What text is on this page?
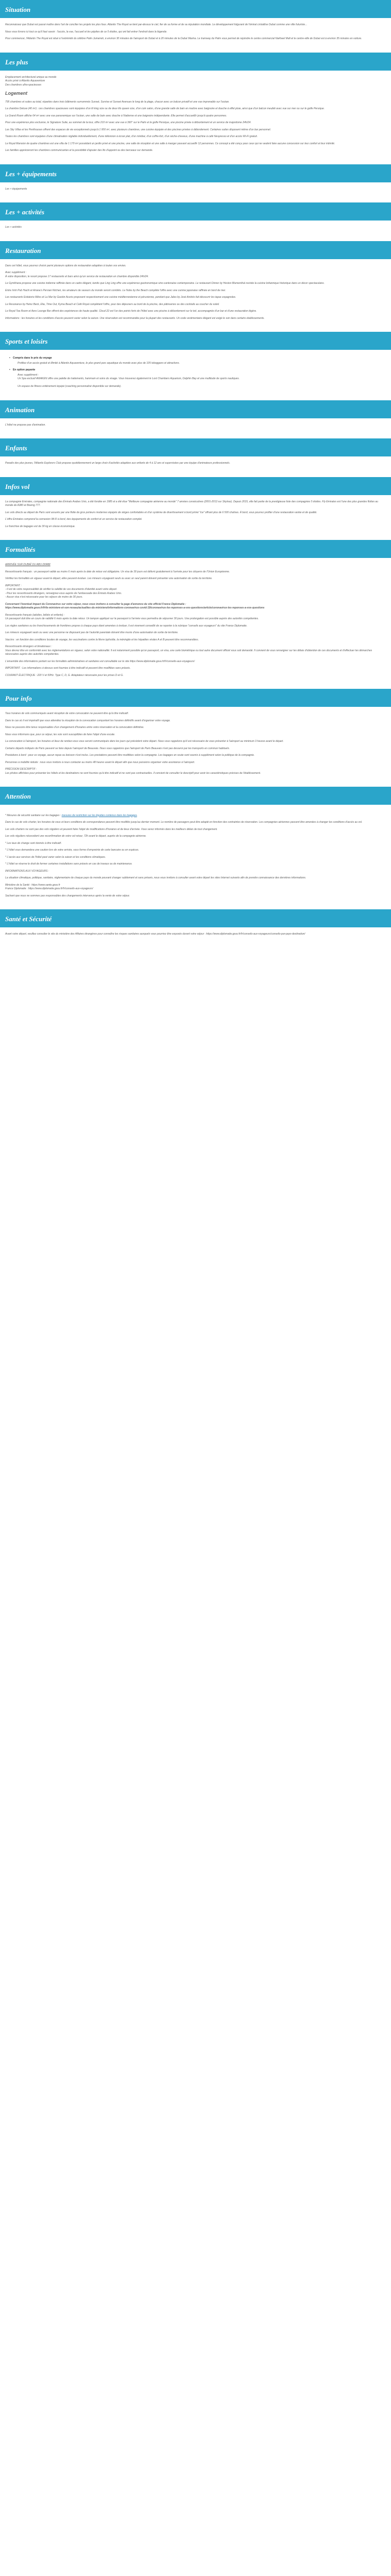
Situation

Reconnaissez que Dubaï est passé maître dans l'art de concilier les projets les plus fous. Atlantis The Royal se tient par-dessus le ciel, fier de sa forme et de sa réputation mondiale. Le développement fulgurant de l'émirat cristallise Dubaï comme une ville futuriste...

Nous vous livrons ici tout ce qu'il faut savoir : l'accès, la vue, l'accueil et les pépites de ce 5 étoiles, qui ont fait entrer l'endroit dans la légende.

Pour commencer, l'Atlantis The Royal est situé à l'extrémité du célèbre Palm Jumeirah, à environ 30 minutes de l'aéroport de Dubaï et à 20 minutes de la Dubaï Marina. Le tramway du Palm vous permet de rejoindre le centre commercial Nakheel Mall et le centre-ville de Dubaï est à environ 35 minutes en voiture.

Les plus

Emplacement architectural unique au monde
Accès privé à Atlantis Aquaventure
Des chambres ultra-spacieuses

Logement

795 chambres et suites au total, réparties dans trois bâtiments surnommés Sunset, Sunrise et Sunset Avenues le long de la plage, chacun avec un balcon privatif et une vue imprenable sur l'océan.

La chambre Deluxe (40 m²) : ces chambres spacieuses sont équipées d'un lit king size ou de deux lits queen size, d'un coin salon, d'une grande salle de bain en marbre avec baignoire et douche à effet pluie, ainsi que d'un balcon meublé avec vue sur mer ou sur le golfe Persique.

La Grand Room affiche 64 m² avec une vue panoramique sur l'océan, une salle de bain avec douche à l'italienne et une baignoire indépendante. Elle permet d'accueillir jusqu'à quatre personnes.

Pour une expérience plus exclusive, le Signature Suite, au sommet de la tour, offre 210 m² avec une vue à 360° sur le Palm et le golfe Persique, une piscine privée à débordement et un service de majordome 24h/24.

Les Sky Villas et les Penthouses offrent des espaces de vie exceptionnels jusqu'à 1 000 m², avec plusieurs chambres, une cuisine équipée et des piscines privées à débordement. Certaines suites disposent même d'un bar personnel.

Toutes les chambres sont équipées d'une climatisation réglable individuellement, d'une télévision à écran plat, d'un minibar, d'un coffre-fort, d'un sèche-cheveux, d'une machine à café Nespresso et d'un accès Wi-Fi gratuit.

Le Royal Mansion de quatre chambres est une villa de 1 170 m² possédant un jardin privé et une piscine, une salle de réception et une salle à manger pouvant accueillir 12 personnes. Ce concept a été conçu pour ceux qui ne veulent faire aucune concession sur leur confort et leur intimité.

Les familles apprécieront les chambres communicantes et la possibilité d'ajouter des lits d'appoint ou des berceaux sur demande.

Les + équipements

Les + équipements

Les + activités

Les + activités

Restauration

Dans cet hôtel, vous pourrez choisir parmi plusieurs options de restauration adaptées à toutes vos envies.

Avec supplément :
À votre disposition, le resort propose 17 restaurants et bars ainsi qu'un service de restauration en chambre disponible 24h/24.

Le Gymkhana propose une cuisine indienne raffinée dans un cadre élégant, tandis que Ling Ling offre une expérience gastronomique sino-cantonaise contemporaine. Le restaurant Dinner by Heston Blumenthal revisite la cuisine britannique historique dans un décor spectaculaire.

Entre Irish Pub Hachi et Ariana's Persian Kitchen, les amateurs de saveurs du monde seront comblés. Le Nobu by the Beach complète l'offre avec une cuisine japonaise raffinée en bord de mer.

Les restaurants Estiatorio Milos et La Mar by Gastón Acurio proposent respectivement une cuisine méditerranéenne et péruvienne, pendant que Jaleo by José Andrés fait découvrir les tapas espagnoles.

Le Resonance by Heinz Beck, Elia, Time Out, Kyma Beach et Café Royal complètent l'offre, pour des déjeuners au bord de la piscine, des pâtisseries ou des cocktails au coucher du soleil.

Le Royal Tea Room et Aero Lounge Bar offrent des expériences de haute qualité. Cloud 22 est l'un des points forts de l'hôtel avec une piscine à débordement sur le toit, accompagnée d'un bar et d'une restauration légère.

Informations : les horaires et les conditions d'accès peuvent varier selon la saison. Une réservation est recommandée pour la plupart des restaurants. Un code vestimentaire élégant est exigé le soir dans certains établissements.

Sports et loisirs
• Compris dans le prix du voyage

Profitez d'un accès gratuit et illimité à Atlantis Aquaventure, le plus grand parc aquatique du monde avec plus de 105 toboggans et attractions.

• En option payante

Avec supplément :
Un Spa exclusif AWAKEN offre une palette de traitements, hammam et soins du visage. Vous trouverez également le Lost Chambers Aquarium, Dolphin Bay et une multitude de sports nautiques.

Un espace de fitness entièrement équipé (coaching personnalisé disponible sur demande).

Animation

L'hôtel ne propose pas d'animation.

Enfants

Paradis des plus jeunes, l'Atlantis Explorers Club propose quotidiennement un large choix d'activités adaptées aux enfants de 4 à 12 ans et supervisées par une équipe d'animateurs professionnels.

Infos vol

La compagnie Emirates, compagnie nationale des Émirats Arabes Unis, a été fondée en 1985 et a été élue "Meilleure compagnie aérienne au monde" 7 années consécutives (2001-2013 sur Skytrax). Depuis 2015, elle fait partie de la prestigieuse liste des compagnies 5 étoiles. Fly Emirates est l'une des plus grandes flottes au monde de A380 et Boeing 777.

Les vols directs au départ de Paris sont assurés par une flotte de gros porteurs modernes équipés de sièges confortables et d'un système de divertissement à bord primé "ice" offrant plus de 6 500 chaînes. À bord, vous pourrez profiter d'une restauration variée et de qualité.

L'offre Emirates comprend la connexion Wi-Fi à bord, des équipements de confort et un service de restauration complet.

Le franchise de bagages est de 30 kg en classe économique.

Formalités

ARRIVÉE SUR DUBAÏ OU ABU DHABI

Ressortissants français : un passeport valide au moins 6 mois après la date de retour est obligatoire. Un visa de 30 jours est délivré gratuitement à l'arrivée pour les citoyens de l'Union Européenne.

Vérifiez les formalités en vigueur avant le départ, elles peuvent évoluer. Les mineurs voyageant seuls ou avec un seul parent doivent présenter une autorisation de sortie du territoire.

IMPORTANT :
- Il est de votre responsabilité de vérifier la validité de vos documents d'identité avant votre départ.
- Pour les ressortissants étrangers, renseignez-vous auprès de l'ambassade des Émirats Arabes Unis.
- Aucun visa n'est nécessaire pour les séjours de moins de 30 jours.

Concernant l'éventuel impact du Coronavirus sur votre séjour, nous vous invitons à consulter la page d'annonce du site officiel France Diplomatie :
https://www.diplomatie.gouv.fr/fr/le-ministere-et-son-reseau/actualites-du-ministere/informations-coronavirus-covid-19/coronavirus-les-reponses-a-vos-questions/article/coronavirus-les-reponses-a-vos-questions

Ressortissants français (adultes, bébés et enfants) :
Un passeport doit être en cours de validité 6 mois après la date retour. Un tampon appliqué sur le passeport à l'arrivée vous permettra de séjourner 30 jours. Une prolongation est possible auprès des autorités compétentes.

Les règles sanitaires ou les franchissements de frontières propres à chaque pays étant amenées à évoluer, il est vivement conseillé de se reporter à la rubrique "conseils aux voyageurs" du site France Diplomatie.

Les mineurs voyageant seuls ou avec une personne ne disposant pas de l'autorité parentale doivent être munis d'une autorisation de sortie de territoire.

Vaccins : en fonction des conditions locales de voyage, les vaccinations contre la fièvre typhoïde, la méningite et les hépatites virales A et B peuvent être recommandées.

Ressortissants étrangers et binationaux :
Vous devrez être en conformité avec les réglementations en vigueur, selon votre nationalité. Il est notamment possible qu'un passeport, un visa, une carte biométrique ou tout autre document officiel vous soit demandé. Il convient de vous renseigner sur les délais d'obtention de ces documents et d'effectuer les démarches nécessaires auprès des autorités compétentes.

L'ensemble des informations portant sur les formalités administratives et sanitaires est consultable sur le site https://www.diplomatie.gouv.fr/fr/conseils-aux-voyageurs/

IMPORTANT : Les informations ci-dessus sont fournies à titre indicatif et peuvent être modifiées sans préavis.

COURANT ÉLECTRIQUE : 220 V et 50Hz. Type C, D, G. Adaptateur nécessaire pour les prises D et G.

Pour info

Tous horaires de vols communiqués avant réception de votre convocation ne peuvent être qu'à titre indicatif.

Dans le cas où il est impératif que vous attendiez la réception de la convocation comportant les horaires définitifs avant d'organiser votre voyage.

Nous ne pouvons être tenus responsables d'un changement d'horaires entre votre réservation et la convocation définitive.

Nous vous informons que, pour ce séjour, les voix sont susceptibles de faire l'objet d'une escale.

La convocation à l'aéroport, les horaires et lieux de rendez-vous vous seront communiqués dans les jours qui précèdent votre départ. Nous vous rappelons qu'il est nécessaire de vous présenter à l'aéroport au minimum 3 heures avant le départ.

Certains départs indiqués de Paris peuvent se faire depuis l'aéroport de Beauvais. Nous vous rappelons que l'aéroport de Paris Beauvais n'est pas desservi par les transports en commun habituels.

Prestations à bord : pour ce voyage, aucun repas ou boisson n'est inclus. Les prestations peuvent être modifiées selon la compagnie. Les bagages en soute sont soumis à supplément selon la politique de la compagnie.

Personnes à mobilité réduite : nous vous invitons à nous contacter au moins 48 heures avant le départ afin que nous puissions organiser votre assistance à l'aéroport.

PRÉCISION DESCRIPTIF :
Les photos affichées pour présenter les hôtels et les destinations ne sont fournies qu'à titre indicatif et ne sont pas contractuelles. Il convient de consulter le descriptif pour avoir les caractéristiques précises de l'établissement.

Attention

* Mesures de sécurité sanitaire sur les bagages : mesures de restriction sur les liquides contenus dans les bagages.

Dans le cas de vols charter, les horaires de vous et leurs conditions de correspondance peuvent être modifiés jusqu'au dernier moment. Le nombre de passagers peut être adapté en fonction des contraintes de réservation. Les compagnies aériennes peuvent être amenées à changer les conditions d'accès au vol.

Les vols charters ne sont pas des vols réguliers et peuvent faire l'objet de modifications d'horaires et de lieux d'arrivée. Vous serez informés dans les meilleurs délais de tout changement.

Les vols réguliers nécessitent une reconfirmation de votre vol retour, 72h avant le départ, auprès de la compagnie aérienne.

* Les taux de change sont donnés à titre indicatif.

* L'hôtel vous demandera une caution lors de votre arrivée, sous forme d'empreinte de carte bancaire ou en espèces.

* L'accès aux services de l'hôtel peut varier selon la saison et les conditions climatiques.

* L'hôtel se réserve le droit de fermer certaines installations sans préavis en cas de travaux ou de maintenance.

INFORMATIONS AUX VOYAGEURS :

La situation climatique, politique, sanitaire, réglementaire de chaque pays du monde pouvant changer subitement et sans préavis, nous vous invitons à consulter avant votre départ les sites Internet suivants afin de prendre connaissance des dernières informations.

Ministère de la Santé : https://www.sante.gouv.fr
France Diplomatie : https://www.diplomatie.gouv.fr/fr/conseils-aux-voyageurs/

Sachant que nous ne sommes pas responsables des changements intervenus après la vente de votre séjour.

Santé et Sécurité

Avant votre départ, veuillez consulter le site du ministère des Affaires étrangères pour connaître les risques sanitaires auxquels vous pourriez être exposés durant votre séjour : https://www.diplomatie.gouv.fr/fr/conseils-aux-voyageurs/conseils-par-pays-destination/
